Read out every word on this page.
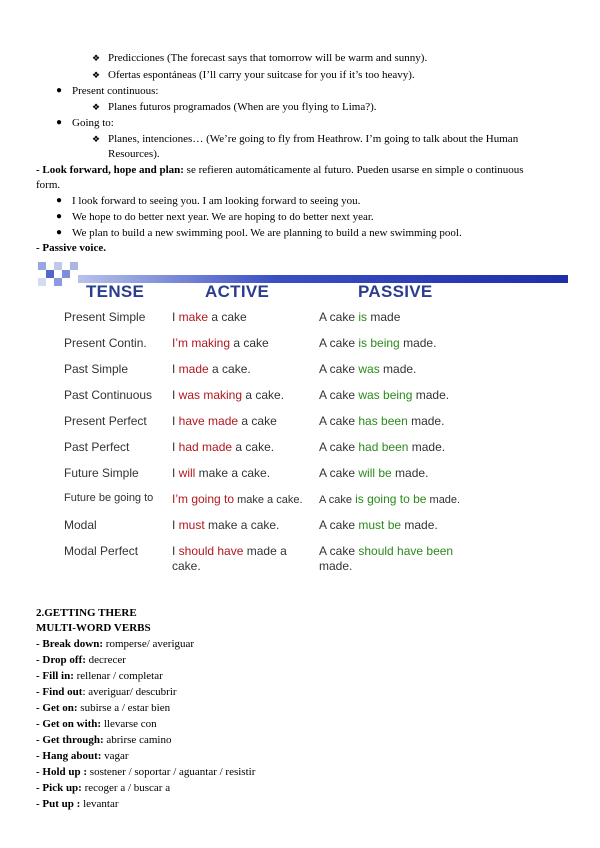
❖ Predicciones (The forecast says that tomorrow will be warm and sunny).
❖ Ofertas espontáneas (I’ll carry your suitcase for you if it’s too heavy).
● Present continuous:
❖ Planes futuros programados (When are you flying to Lima?).
● Going to:
❖ Planes, intenciones… (We’re going to fly from Heathrow. I’m going to talk about the Human
Resources).
- Look forward, hope and plan: se refieren automáticamente al futuro. Pueden usarse en simple o continuous
form.
● I look forward to seeing you. I am looking forward to seeing you.
● We hope to do better next year. We are hoping to do better next year.
● We plan to build a new swimming pool. We are planning to build a new swimming pool.
- Passive voice.
TENSE	ACTIVE	PASSIVE
Present Simple I make a cake	A cake is made
Present Contin. I’m making a cake	A cake is being made.
Past Simple	I made a cake.	A cake was made.
Past Continuous I was making a cake.	A cake was being made.
Present Perfect I have made a cake	A cake has been made.
Past Perfect	I had made a cake.	A cake had been made.
Future Simple	I will make a cake.	A cake will be made.
Future be going to I’m going to make a cake. A cake is going to be made.
Modal	I must make a cake.	A cake must be made.
Modal Perfect	I should have made a
cake.
A cake should have been
made.
2.GETTING THERE
MULTI-WORD VERBS
- Break down: romperse/ averiguar
- Drop off: decrecer
- Fill in: rellenar / completar
- Find out: averiguar/ descubrir
- Get on: subirse a / estar bien
- Get on with: llevarse con
- Get through: abrirse camino
- Hang about: vagar
- Hold up : sostener / soportar / aguantar / resistir
- Pick up: recoger a / buscar a
- Put up : levantar
